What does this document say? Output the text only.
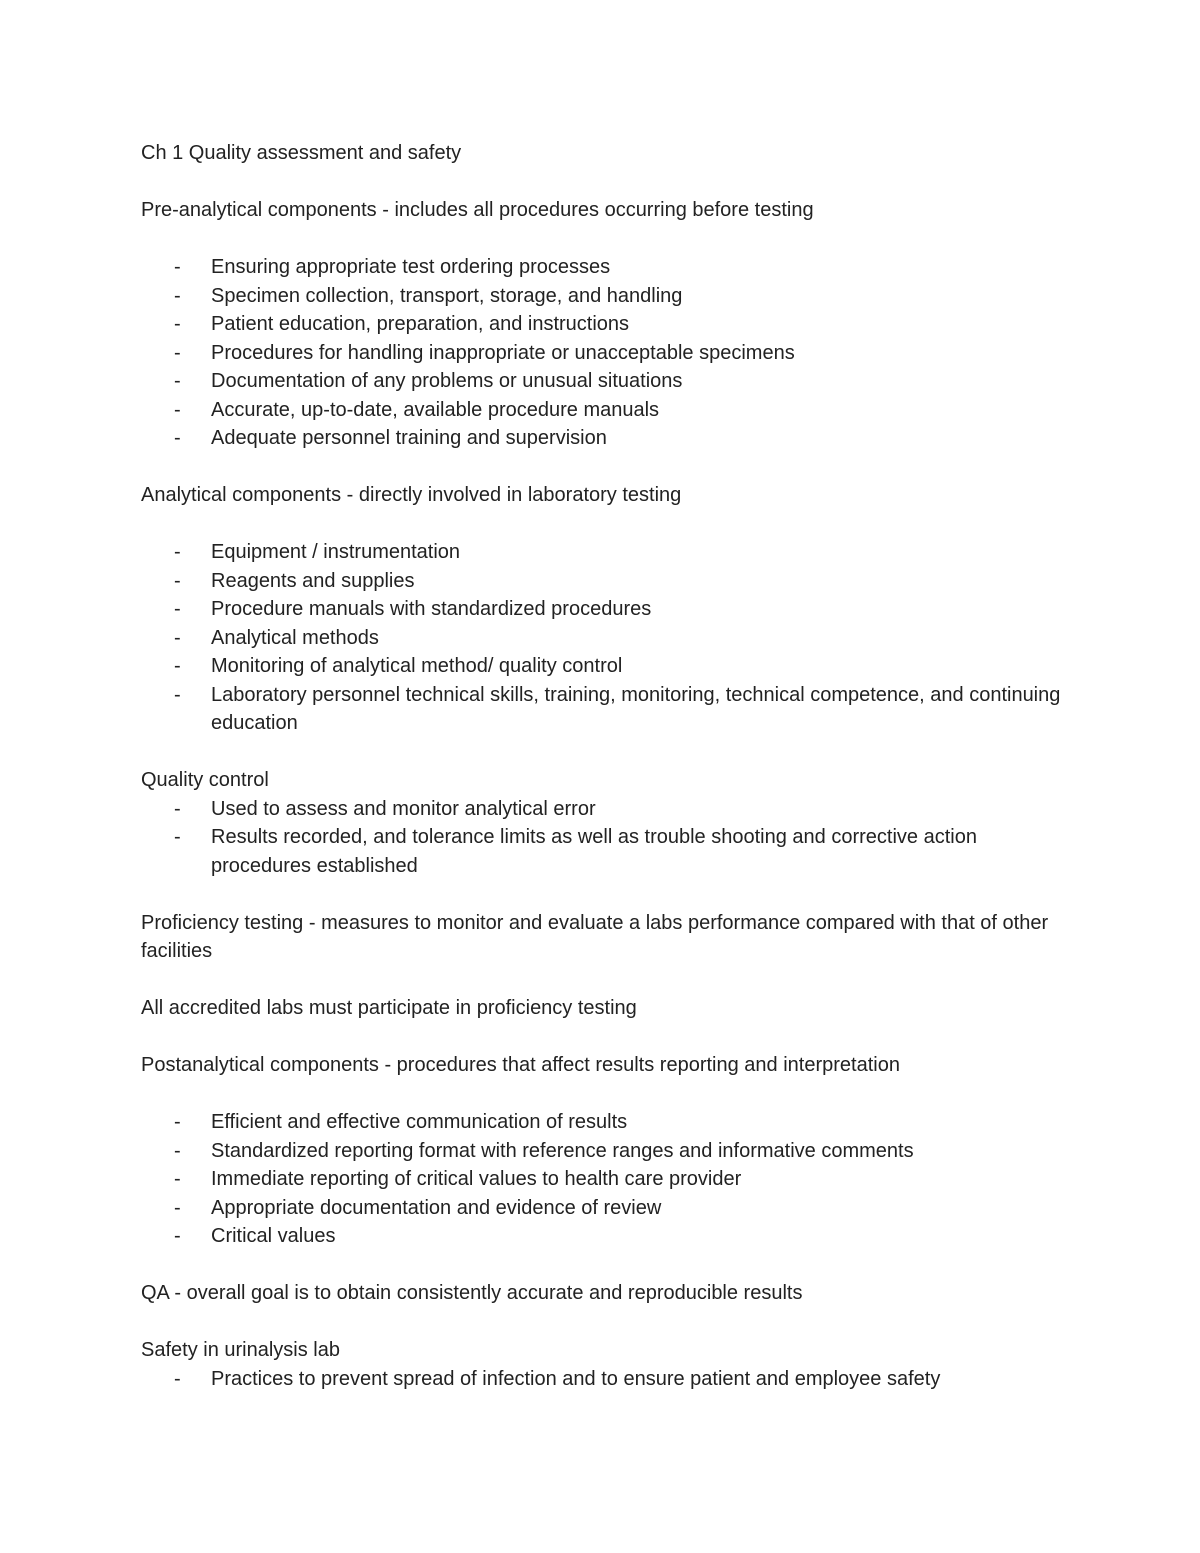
Ch 1 Quality assessment and safety

Pre-analytical components - includes all procedures occurring before testing

- Ensuring appropriate test ordering processes
- Specimen collection, transport, storage, and handling
- Patient education, preparation, and instructions
- Procedures for handling inappropriate or unacceptable specimens
- Documentation of any problems or unusual situations
- Accurate, up-to-date, available procedure manuals
- Adequate personnel training and supervision

Analytical components - directly involved in laboratory testing

- Equipment / instrumentation
- Reagents and supplies
- Procedure manuals with standardized procedures
- Analytical methods
- Monitoring of analytical method/ quality control
- Laboratory personnel technical skills, training, monitoring, technical competence, and continuing education

Quality control

- Used to assess and monitor analytical error
- Results recorded, and tolerance limits as well as trouble shooting and corrective action procedures established

Proficiency testing - measures to monitor and evaluate a labs performance compared with that of other facilities

All accredited labs must participate in proficiency testing

Postanalytical components - procedures that affect results reporting and interpretation

- Efficient and effective communication of results
- Standardized reporting format with reference ranges and informative comments
- Immediate reporting of critical values to health care provider
- Appropriate documentation and evidence of review
- Critical values

QA - overall goal is to obtain consistently accurate and reproducible results

Safety in urinalysis lab

- Practices to prevent spread of infection and to ensure patient and employee safety
